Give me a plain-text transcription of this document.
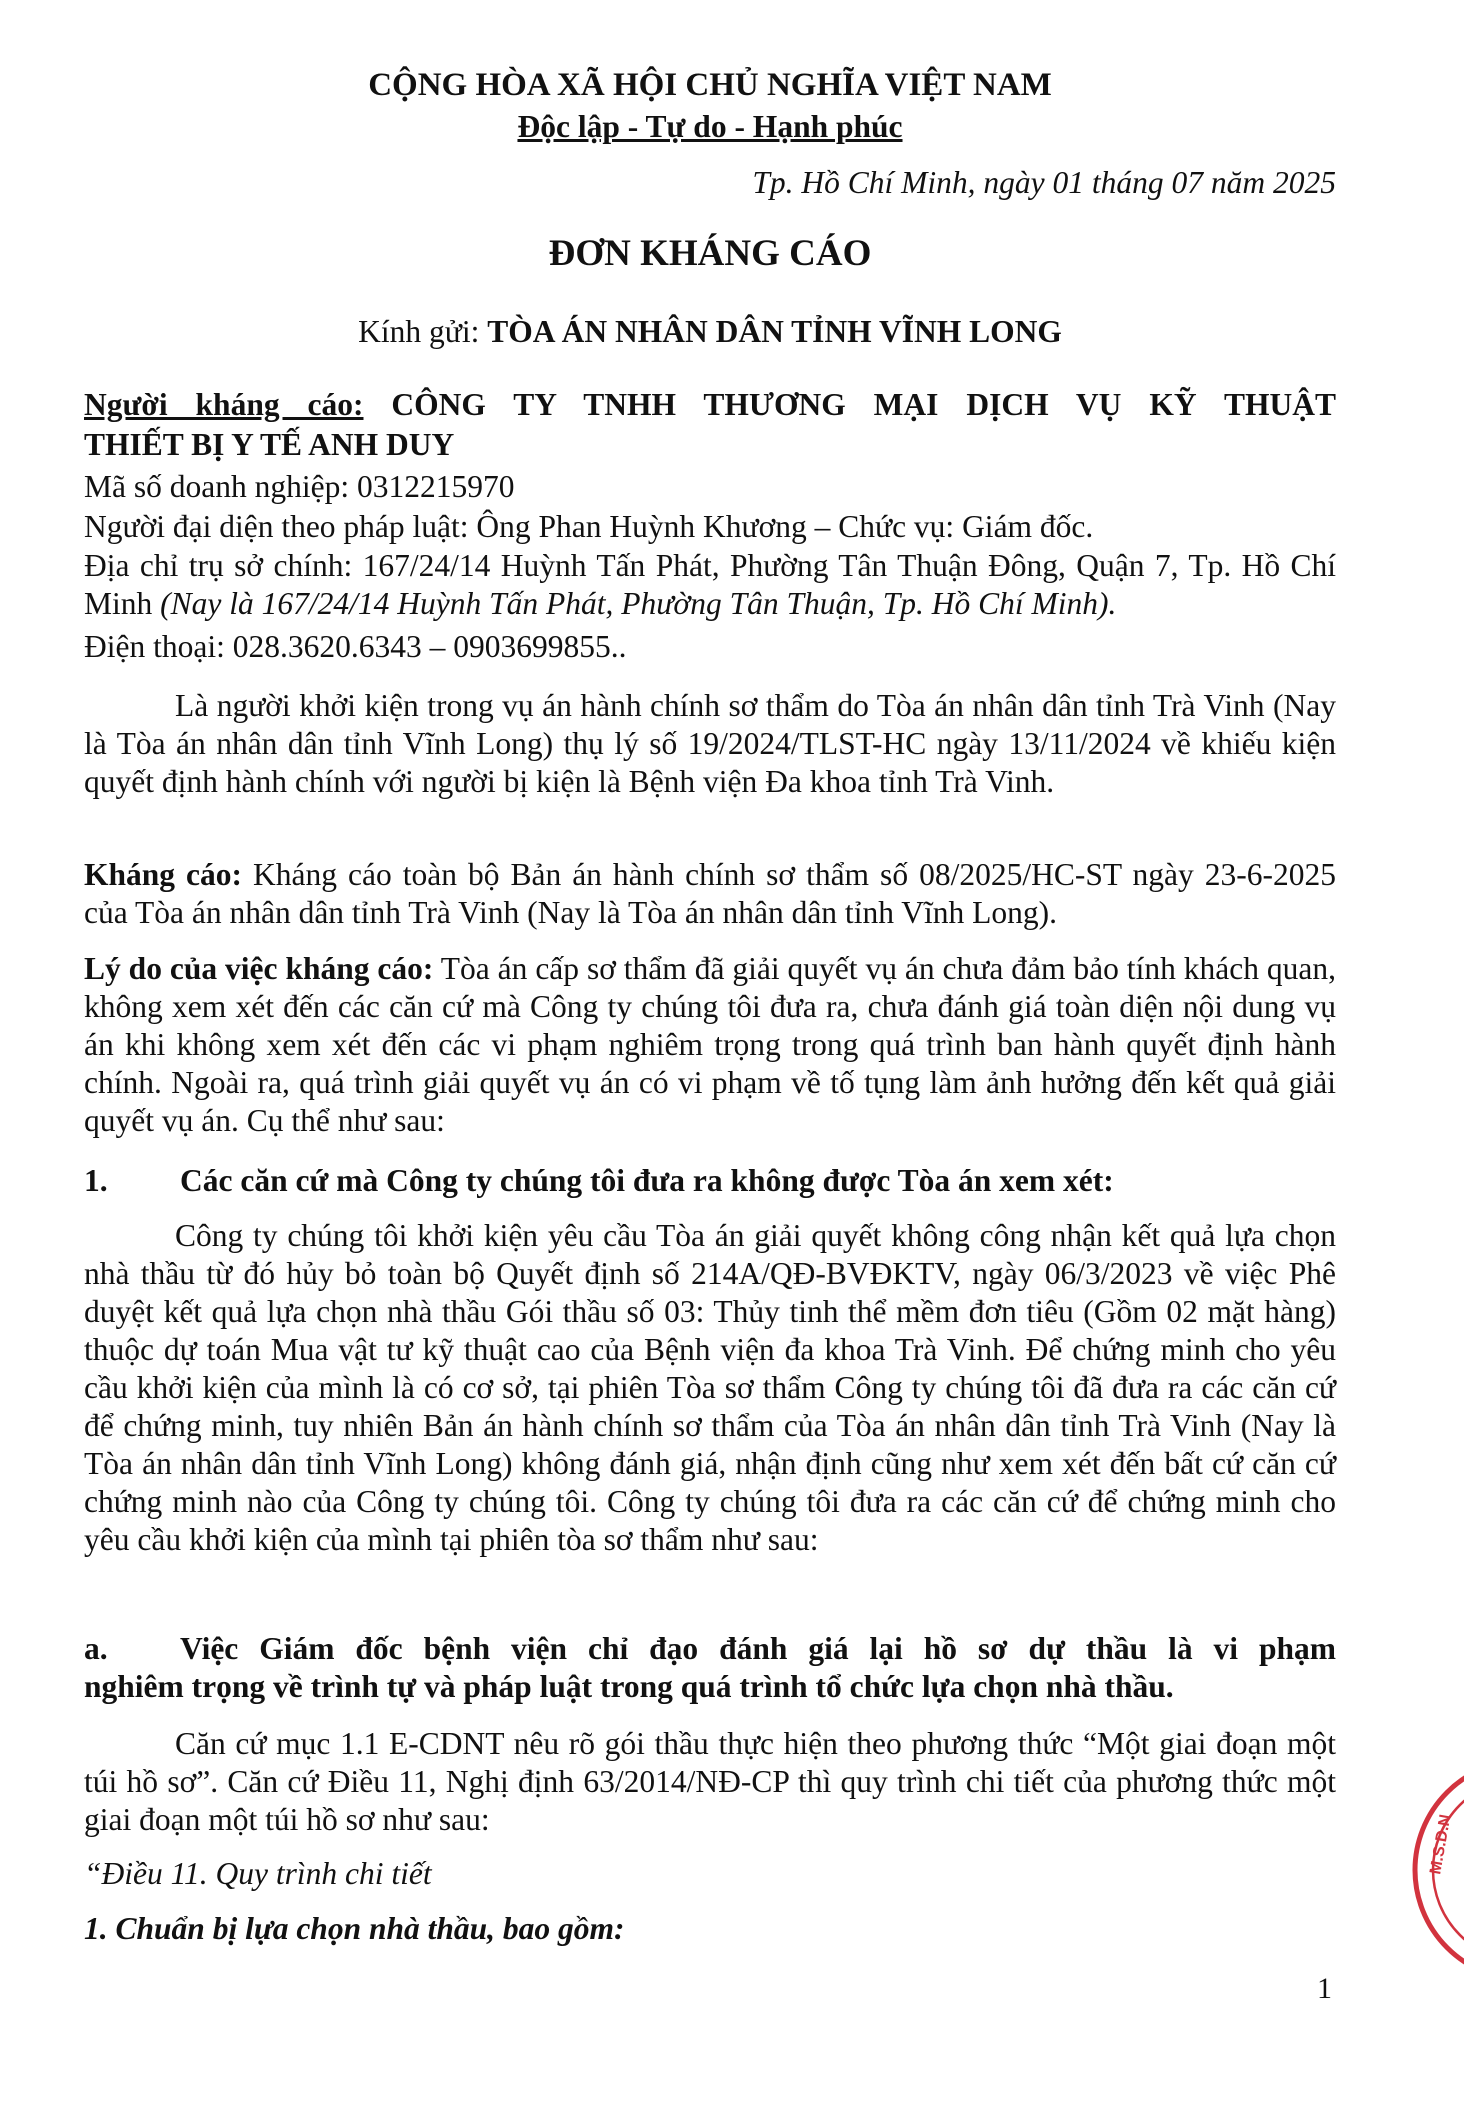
CỘNG HÒA XÃ HỘI CHỦ NGHĨA VIỆT NAM

Độc lập - Tự do - Hạnh phúc

Tp. Hồ Chí Minh, ngày 01 tháng 07 năm 2025

ĐƠN KHÁNG CÁO

Kính gửi: TÒA ÁN NHÂN DÂN TỈNH VĨNH LONG

Người kháng cáo: CÔNG TY TNHH THƯƠNG MẠI DỊCH VỤ KỸ THUẬT

THIẾT BỊ Y TẾ ANH DUY

Mã số doanh nghiệp: 0312215970

Người đại diện theo pháp luật: Ông Phan Huỳnh Khương – Chức vụ: Giám đốc.

Địa chỉ trụ sở chính: 167/24/14 Huỳnh Tấn Phát, Phường Tân Thuận Đông, Quận 7, Tp. Hồ Chí Minh (Nay là 167/24/14 Huỳnh Tấn Phát, Phường Tân Thuận, Tp. Hồ Chí Minh).

Điện thoại: 028.3620.6343 – 0903699855..

Là người khởi kiện trong vụ án hành chính sơ thẩm do Tòa án nhân dân tỉnh Trà Vinh (Nay là Tòa án nhân dân tỉnh Vĩnh Long) thụ lý số 19/2024/TLST-HC ngày 13/11/2024 về khiếu kiện quyết định hành chính với người bị kiện là Bệnh viện Đa khoa tỉnh Trà Vinh.

Kháng cáo: Kháng cáo toàn bộ Bản án hành chính sơ thẩm số 08/2025/HC-ST ngày 23-6-2025 của Tòa án nhân dân tỉnh Trà Vinh (Nay là Tòa án nhân dân tỉnh Vĩnh Long).

Lý do của việc kháng cáo: Tòa án cấp sơ thẩm đã giải quyết vụ án chưa đảm bảo tính khách quan, không xem xét đến các căn cứ mà Công ty chúng tôi đưa ra, chưa đánh giá toàn diện nội dung vụ án khi không xem xét đến các vi phạm nghiêm trọng trong quá trình ban hành quyết định hành chính. Ngoài ra, quá trình giải quyết vụ án có vi phạm về tố tụng làm ảnh hưởng đến kết quả giải quyết vụ án. Cụ thể như sau:

1.	Các căn cứ mà Công ty chúng tôi đưa ra không được Tòa án xem xét:

Công ty chúng tôi khởi kiện yêu cầu Tòa án giải quyết không công nhận kết quả lựa chọn nhà thầu từ đó hủy bỏ toàn bộ Quyết định số 214A/QĐ-BVĐKTV, ngày 06/3/2023 về việc Phê duyệt kết quả lựa chọn nhà thầu Gói thầu số 03: Thủy tinh thể mềm đơn tiêu (Gồm 02 mặt hàng) thuộc dự toán Mua vật tư kỹ thuật cao của Bệnh viện đa khoa Trà Vinh. Để chứng minh cho yêu cầu khởi kiện của mình là có cơ sở, tại phiên Tòa sơ thẩm Công ty chúng tôi đã đưa ra các căn cứ để chứng minh, tuy nhiên Bản án hành chính sơ thẩm của Tòa án nhân dân tỉnh Trà Vinh (Nay là Tòa án nhân dân tỉnh Vĩnh Long) không đánh giá, nhận định cũng như xem xét đến bất cứ căn cứ chứng minh nào của Công ty chúng tôi. Công ty chúng tôi đưa ra các căn cứ để chứng minh cho yêu cầu khởi kiện của mình tại phiên tòa sơ thẩm như sau:

a.	Việc Giám đốc bệnh viện chỉ đạo đánh giá lại hồ sơ dự thầu là vi phạm
nghiêm trọng về trình tự và pháp luật trong quá trình tổ chức lựa chọn nhà thầu.

Căn cứ mục 1.1 E-CDNT nêu rõ gói thầu thực hiện theo phương thức “Một giai đoạn một túi hồ sơ”. Căn cứ Điều 11, Nghị định 63/2014/NĐ-CP thì quy trình chi tiết của phương thức một giai đoạn một túi hồ sơ như sau:

“Điều 11. Quy trình chi tiết

1. Chuẩn bị lựa chọn nhà thầu, bao gồm:

1
M.S.D.N
